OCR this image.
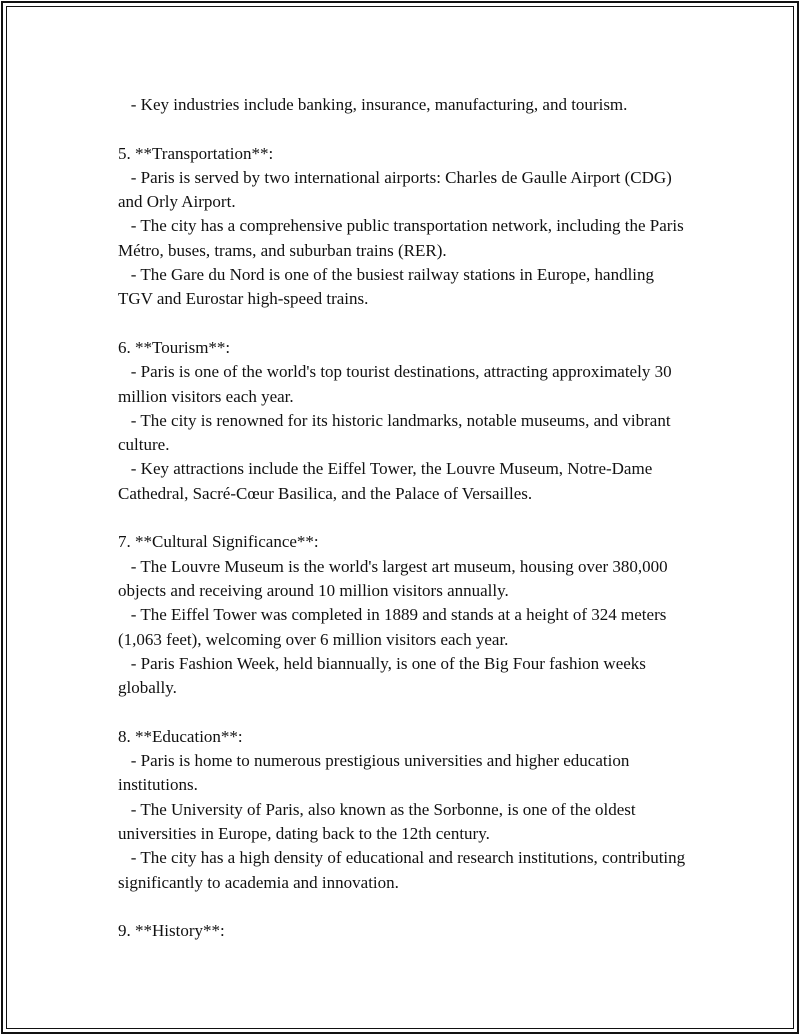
- Key industries include banking, insurance, manufacturing, and tourism.

5. **Transportation**:

- Paris is served by two international airports: Charles de Gaulle Airport (CDG) and Orly Airport.

- The city has a comprehensive public transportation network, including the Paris Métro, buses, trams, and suburban trains (RER).

- The Gare du Nord is one of the busiest railway stations in Europe, handling TGV and Eurostar high-speed trains.

6. **Tourism**:

- Paris is one of the world's top tourist destinations, attracting approximately 30 million visitors each year.

- The city is renowned for its historic landmarks, notable museums, and vibrant culture.

- Key attractions include the Eiffel Tower, the Louvre Museum, Notre-Dame Cathedral, Sacré-Cœur Basilica, and the Palace of Versailles.

7. **Cultural Significance**:

- The Louvre Museum is the world's largest art museum, housing over 380,000 objects and receiving around 10 million visitors annually.

- The Eiffel Tower was completed in 1889 and stands at a height of 324 meters (1,063 feet), welcoming over 6 million visitors each year.

- Paris Fashion Week, held biannually, is one of the Big Four fashion weeks globally.

8. **Education**:

- Paris is home to numerous prestigious universities and higher education institutions.

- The University of Paris, also known as the Sorbonne, is one of the oldest universities in Europe, dating back to the 12th century.

- The city has a high density of educational and research institutions, contributing significantly to academia and innovation.

9. **History**:
